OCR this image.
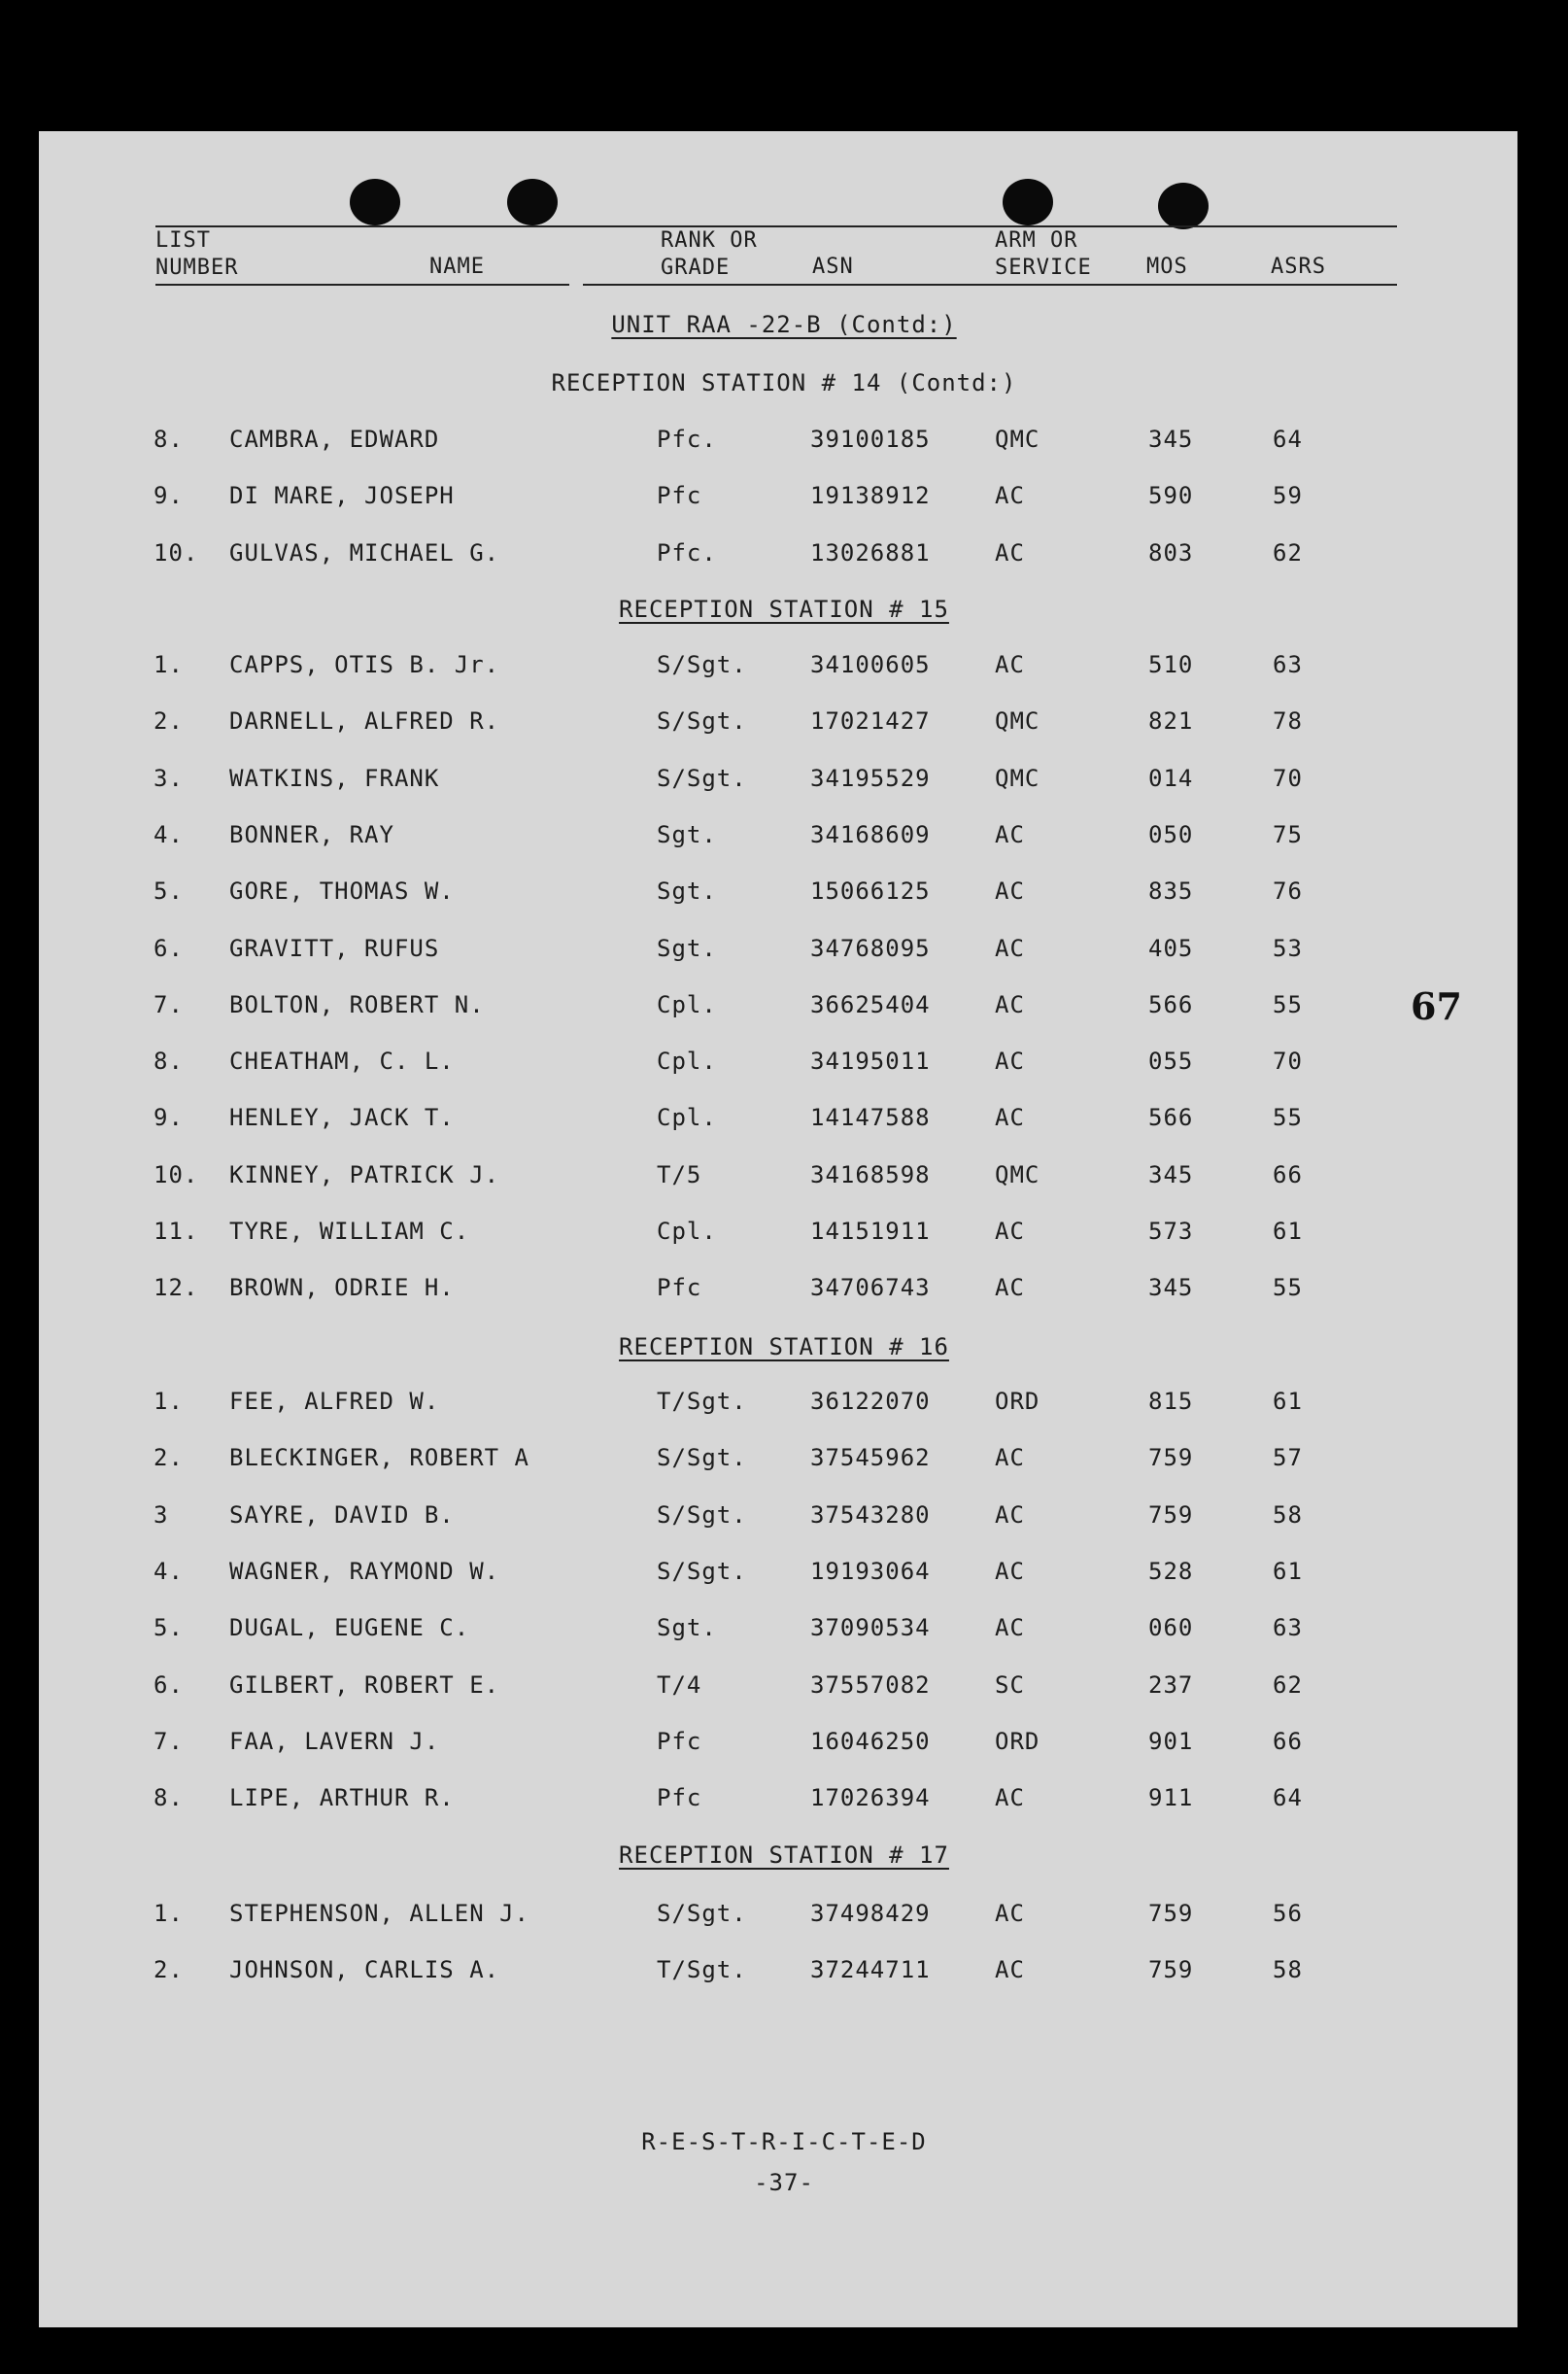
LIST
NUMBER	NAME
RANK OR
GRADE	ASN
ARM OR
SERVICE	MOS	ASRS
UNIT RAA -22-B (Contd:)
RECEPTION STATION # 14 (Contd:)
8. CAMBRA, EDWARD	Pfc.	39100185	QMC	345	64
9. DI MARE, JOSEPH	Pfc	19138912	AC	590	59
10. GULVAS, MICHAEL G.	Pfc.	13026881	AC	803	62
RECEPTION STATION # 15
1. CAPPS, OTIS B. Jr.	S/Sgt.	34100605	AC	510	63
2. DARNELL, ALFRED R.	S/Sgt.	17021427	QMC	821	78
3. WATKINS, FRANK	S/Sgt.	34195529	QMC	014	70
4. BONNER, RAY	Sgt.	34168609	AC	050	75
5. GORE, THOMAS W.	Sgt.	15066125	AC	835	76
6. GRAVITT, RUFUS	Sgt.	34768095	AC	405	53
7. BOLTON, ROBERT N.	Cpl.	36625404	AC	566	55
8. CHEATHAM, C. L.	Cpl.	34195011	AC	055	70
9. HENLEY, JACK T.	Cpl.	14147588	AC	566	55
10. KINNEY, PATRICK J.	T/5	34168598	QMC	345	66
11. TYRE, WILLIAM C.	Cpl.	14151911	AC	573	61
12. BROWN, ODRIE H.	Pfc	34706743	AC	345	55
RECEPTION STATION # 16
1. FEE, ALFRED W.	T/Sgt.	36122070	ORD	815	61
2. BLECKINGER, ROBERT A	S/Sgt.	37545962	AC	759	57
3	SAYRE, DAVID B.	S/Sgt.	37543280	AC	759	58
4. WAGNER, RAYMOND W.	S/Sgt.	19193064	AC	528	61
5. DUGAL, EUGENE C.	Sgt.	37090534	AC	060	63
6. GILBERT, ROBERT E.	T/4	37557082	SC	237	62
7. FAA, LAVERN J.	Pfc	16046250	ORD	901	66
8. LIPE, ARTHUR R.	Pfc	17026394	AC	911	64
RECEPTION STATION # 17
1. STEPHENSON, ALLEN J.	S/Sgt.	37498429	AC	759	56
2. JOHNSON, CARLIS A.	T/Sgt.	37244711	AC	759	58
67
R-E-S-T-R-I-C-T-E-D
-37-
